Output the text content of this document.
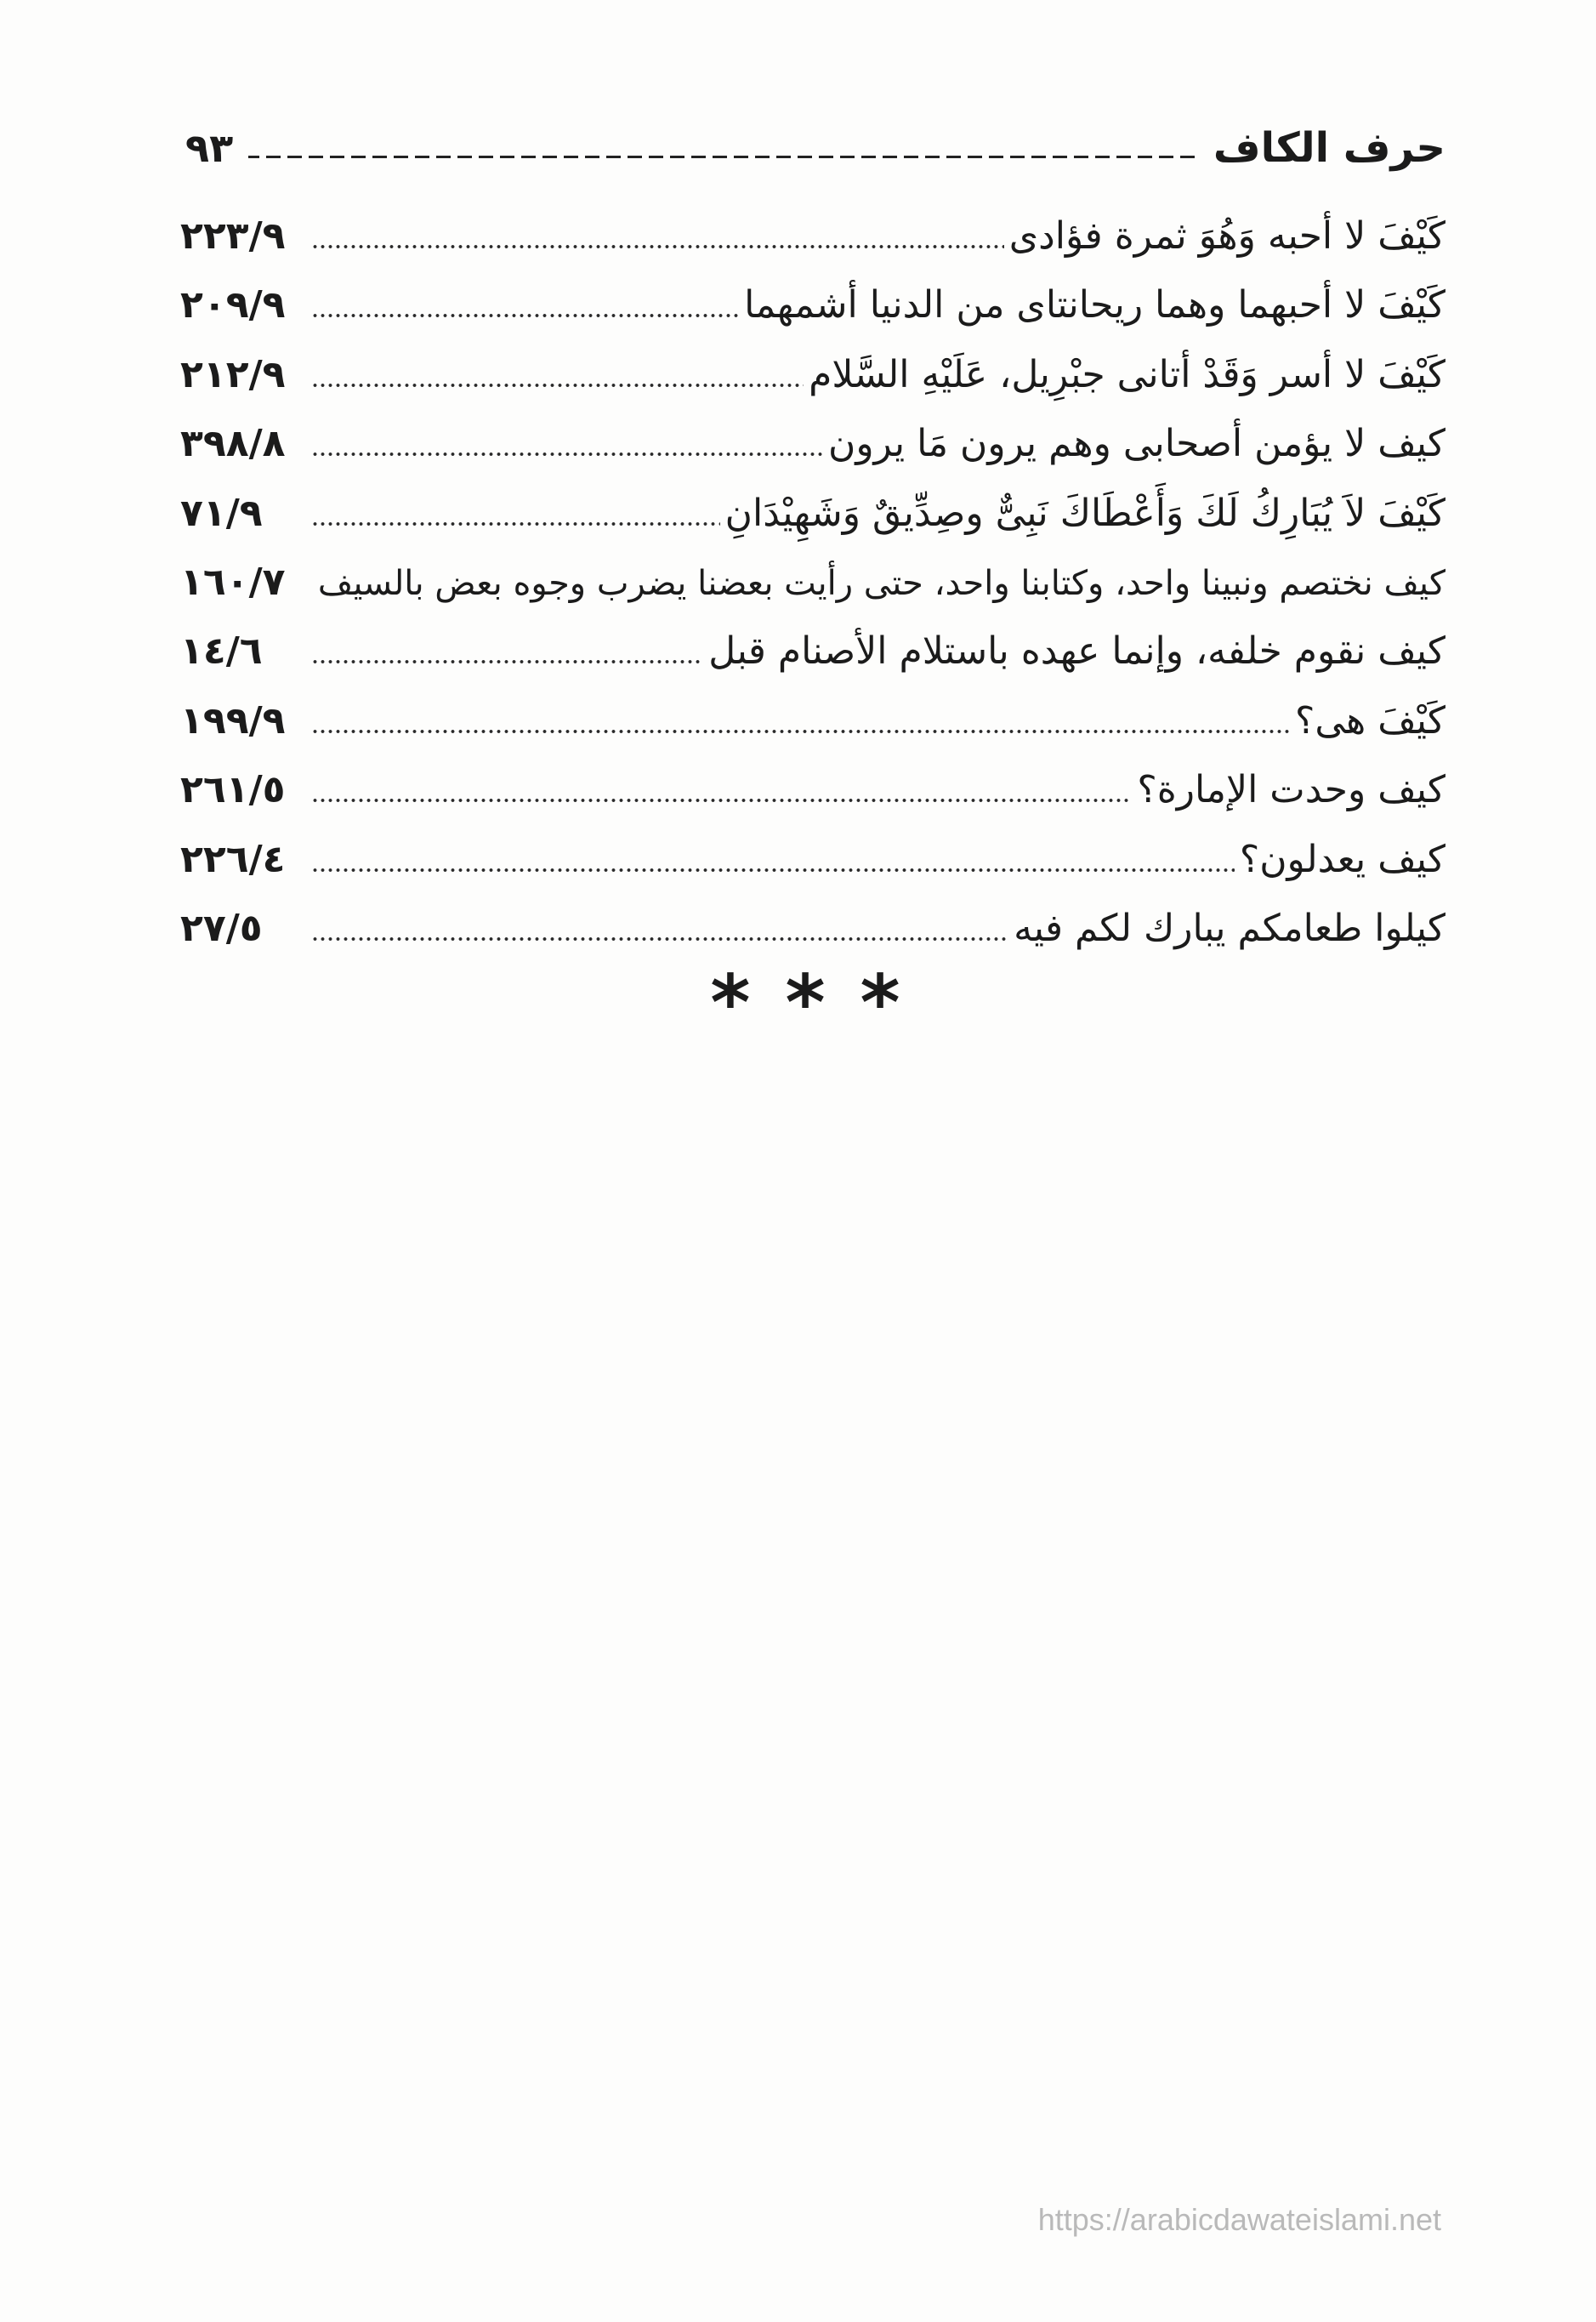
حرف الكاف
٩٣
كَيْفَ لا أحبه وَهُوَ ثمرة فؤادى
٢٢٣/٩
كَيْفَ لا أحبهما وهما ريحانتاى من الدنيا أشمهما
٢٠٩/٩
كَيْفَ لا أسر وَقَدْ أتانى جبْرِيل، عَلَيْهِ السَّلام
٢١٢/٩
كيف لا يؤمن أصحابى وهم يرون مَا يرون
٣٩٨/٨
كَيْفَ لاَ يُبَارِكُ لَكَ وَأَعْطَاكَ نَبِىٌّ وصِدِّيقٌ وَشَهِيْدَانِ
٧١/٩
كيف نختصم ونبينا واحد، وكتابنا واحد، حتى رأيت بعضنا يضرب وجوه بعض بالسيف
١٦٠/٧
كيف نقوم خلفه، وإنما عهده باستلام الأصنام قبل
١٤/٦
كَيْفَ هى؟
١٩٩/٩
كيف وحدت الإمارة؟
٢٦١/٥
كيف يعدلون؟
٢٢٦/٤
كيلوا طعامكم يبارك لكم فيه
٢٧/٥
* * *
https://arabicdawateislami.net
